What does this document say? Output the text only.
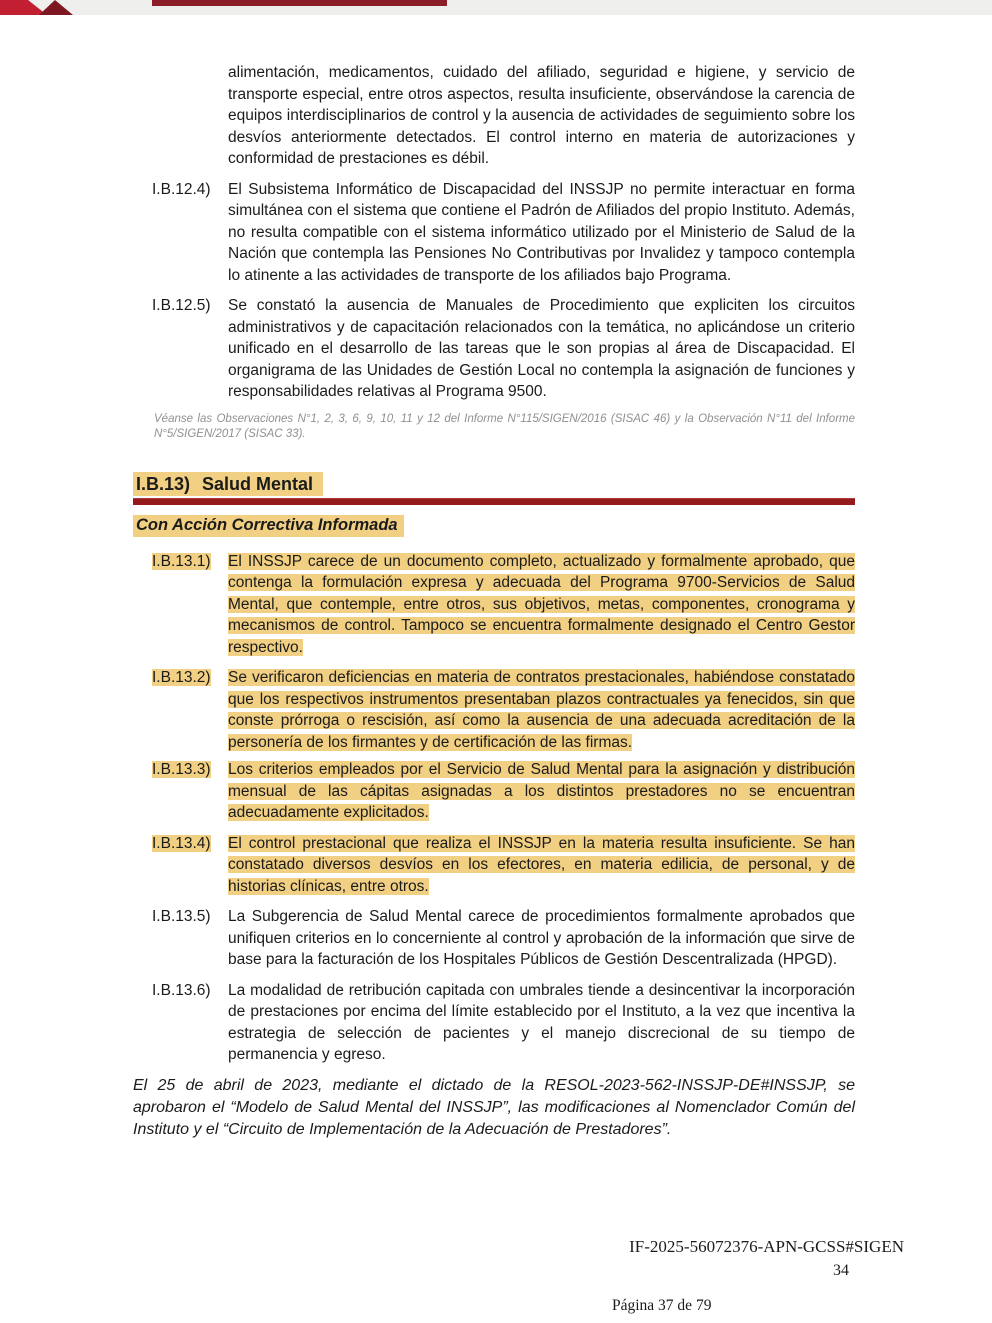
alimentación, medicamentos, cuidado del afiliado, seguridad e higiene, y servicio de transporte especial, entre otros aspectos, resulta insuficiente, observándose la carencia de equipos interdisciplinarios de control y la ausencia de actividades de seguimiento sobre los desvíos anteriormente detectados. El control interno en materia de autorizaciones y conformidad de prestaciones es débil.

I.B.12.4)	El Subsistema Informático de Discapacidad del INSSJP no permite interactuar en forma simultánea con el sistema que contiene el Padrón de Afiliados del propio Instituto. Además, no resulta compatible con el sistema informático utilizado por el Ministerio de Salud de la Nación que contempla las Pensiones No Contributivas por Invalidez y tampoco contempla lo atinente a las actividades de transporte de los afiliados bajo Programa.

I.B.12.5)	Se constató la ausencia de Manuales de Procedimiento que expliciten los circuitos administrativos y de capacitación relacionados con la temática, no aplicándose un criterio unificado en el desarrollo de las tareas que le son propias al área de Discapacidad. El organigrama de las Unidades de Gestión Local no contempla la asignación de funciones y responsabilidades relativas al Programa 9500.

Véanse las Observaciones N°1, 2, 3, 6, 9, 10, 11 y 12 del Informe N°115/SIGEN/2016 (SISAC 46) y la Observación N°11 del Informe N°5/SIGEN/2017 (SISAC 33).

I.B.13) Salud Mental
Con Acción Correctiva Informada
I.B.13.1)	El INSSJP carece de un documento completo, actualizado y formalmente aprobado, que contenga la formulación expresa y adecuada del Programa 9700-Servicios de Salud Mental, que contemple, entre otros, sus objetivos, metas, componentes, cronograma y mecanismos de control. Tampoco se encuentra formalmente designado el Centro Gestor respectivo.

I.B.13.2)	Se verificaron deficiencias en materia de contratos prestacionales, habiéndose constatado que los respectivos instrumentos presentaban plazos contractuales ya fenecidos, sin que conste prórroga o rescisión, así como la ausencia de una adecuada acreditación de la personería de los firmantes y de certificación de las firmas.

I.B.13.3)	Los criterios empleados por el Servicio de Salud Mental para la asignación y distribución mensual de las cápitas asignadas a los distintos prestadores no se encuentran adecuadamente explicitados.

I.B.13.4)	El control prestacional que realiza el INSSJP en la materia resulta insuficiente. Se han constatado diversos desvíos en los efectores, en materia edilicia, de personal, y de historias clínicas, entre otros.

I.B.13.5)	La Subgerencia de Salud Mental carece de procedimientos formalmente aprobados que unifiquen criterios en lo concerniente al control y aprobación de la información que sirve de base para la facturación de los Hospitales Públicos de Gestión Descentralizada (HPGD).

I.B.13.6)	La modalidad de retribución capitada con umbrales tiende a desincentivar la incorporación de prestaciones por encima del límite establecido por el Instituto, a la vez que incentiva la estrategia de selección de pacientes y el manejo discrecional de su tiempo de permanencia y egreso.

El 25 de abril de 2023, mediante el dictado de la RESOL-2023-562-INSSJP-DE#INSSJP, se aprobaron el “Modelo de Salud Mental del INSSJP”, las modificaciones al Nomenclador Común del Instituto y el “Circuito de Implementación de la Adecuación de Prestadores”.

IF-2025-56072376-APN-GCSS#SIGEN
34
Página 37 de 79
